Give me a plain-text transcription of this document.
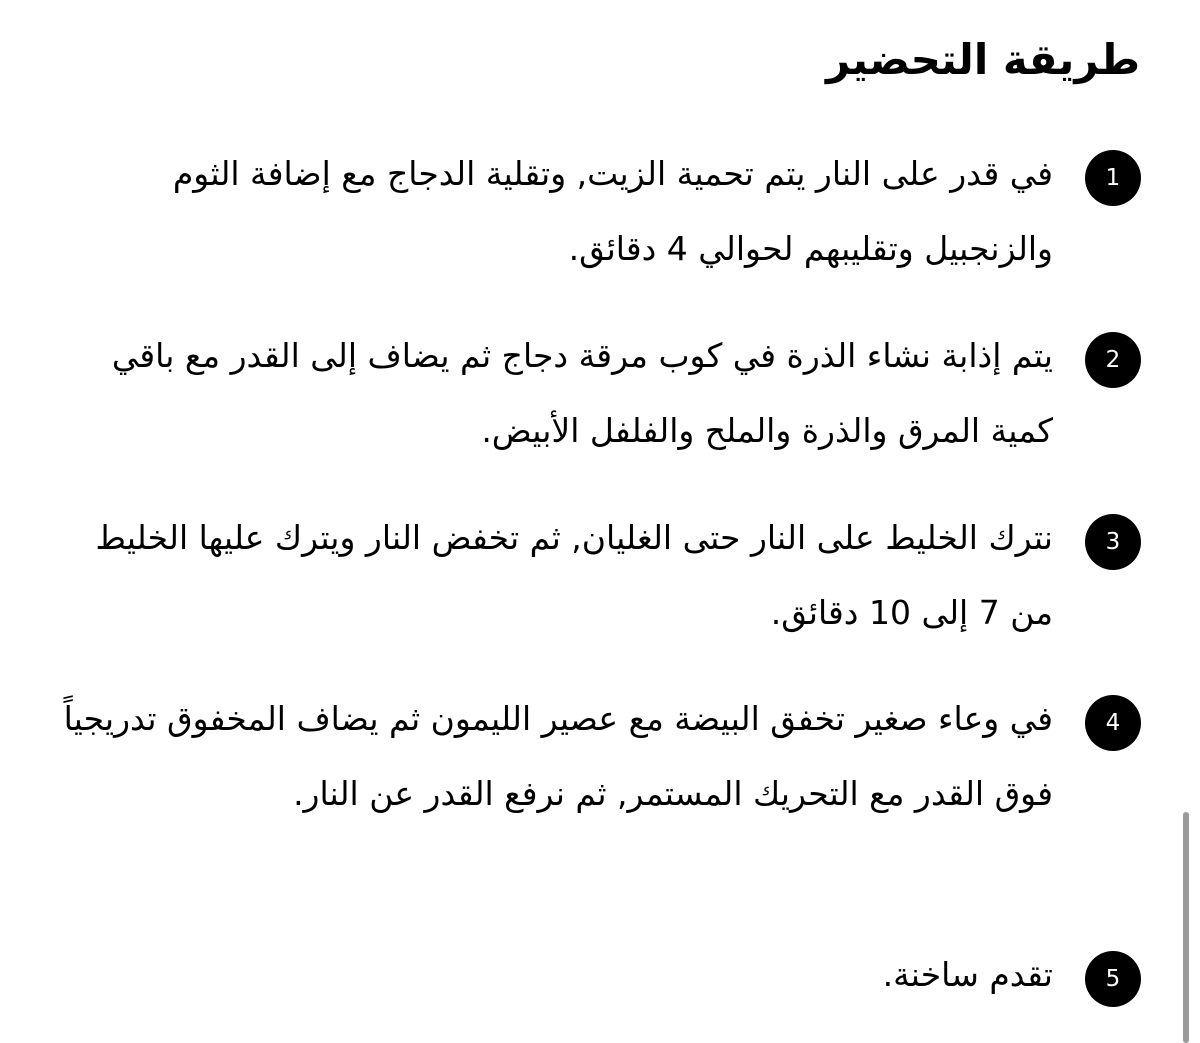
طريقة التحضير
1

في قدر على النار يتم تحمية الزيت, وتقلية الدجاج مع إضافة الثوم والزنجبيل وتقليبهم لحوالي 4 دقائق.

2

يتم إذابة نشاء الذرة في كوب مرقة دجاج ثم يضاف إلى القدر مع باقي كمية المرق والذرة والملح والفلفل الأبيض.

3

نترك الخليط على النار حتى الغليان, ثم تخفض النار ويترك عليها الخليط من 7 إلى 10 دقائق.

4

في وعاء صغير تخفق البيضة مع عصير الليمون ثم يضاف المخفوق تدريجياً فوق القدر مع التحريك المستمر, ثم نرفع القدر عن النار.

5

تقدم ساخنة.
